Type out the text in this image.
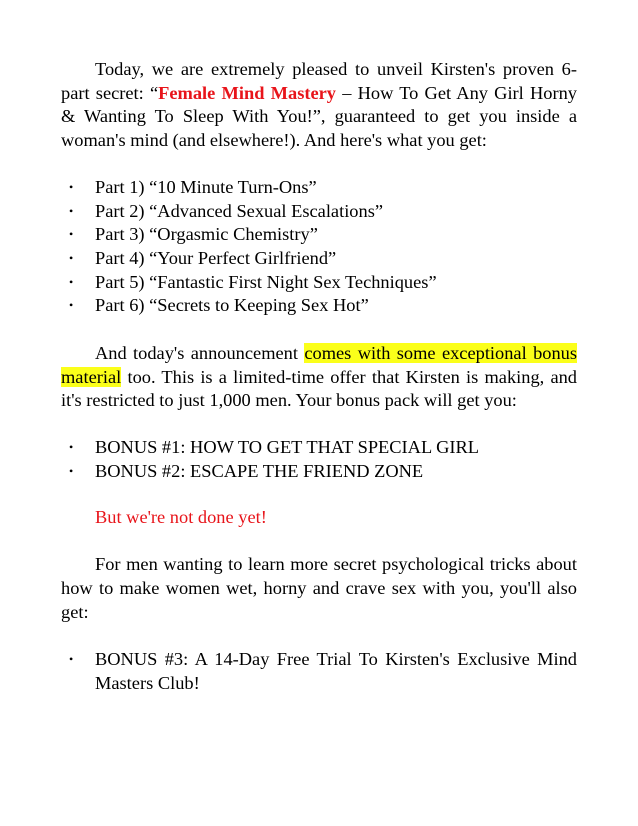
Today, we are extremely pleased to unveil Kirsten's proven 6-part secret: “Female Mind Mastery – How To Get Any Girl Horny & Wanting To Sleep With You!”, guaranteed to get you inside a woman's mind (and elsewhere!). And here's what you get:

• Part 1) “10 Minute Turn-Ons”
• Part 2) “Advanced Sexual Escalations”
• Part 3) “Orgasmic Chemistry”
• Part 4) “Your Perfect Girlfriend”
• Part 5) “Fantastic First Night Sex Techniques”
• Part 6) “Secrets to Keeping Sex Hot”

And today's announcement comes with some exceptional bonus material too. This is a limited-time offer that Kirsten is making, and it's restricted to just 1,000 men. Your bonus pack will get you:

• BONUS #1: HOW TO GET THAT SPECIAL GIRL
• BONUS #2: ESCAPE THE FRIEND ZONE

But we're not done yet!

For men wanting to learn more secret psychological tricks about how to make women wet, horny and crave sex with you, you'll also get:

• BONUS #3: A 14-Day Free Trial To Kirsten's Exclusive Mind Masters Club!
